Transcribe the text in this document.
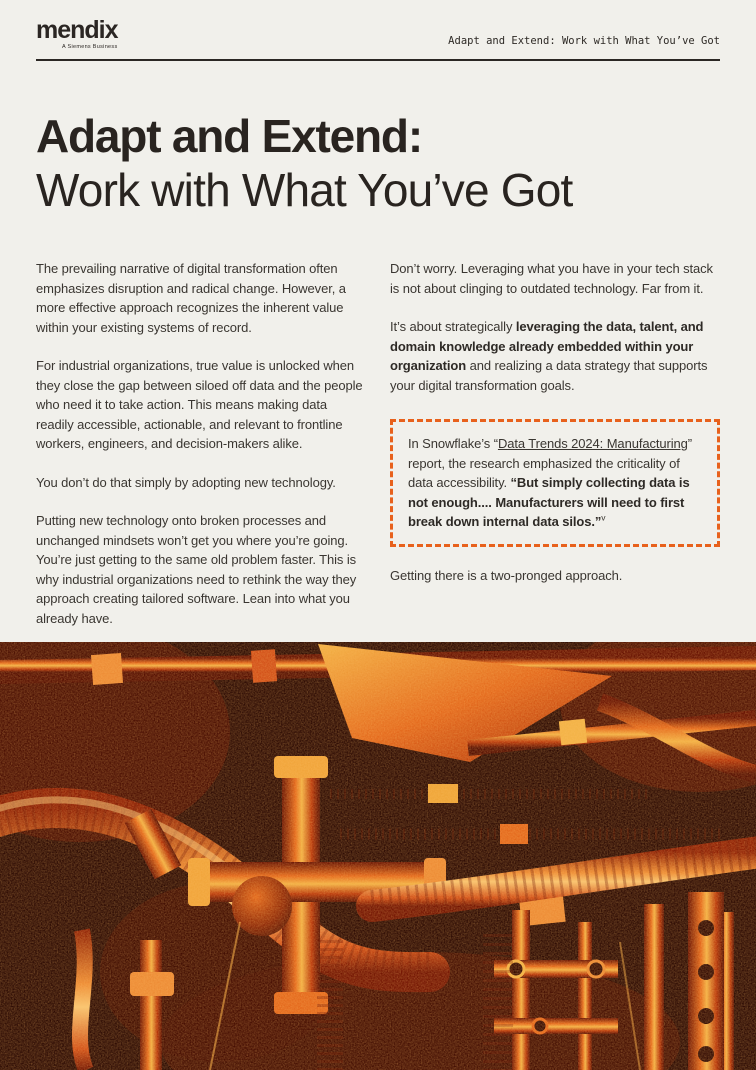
mendix
A Siemens Business	Adapt and Extend: Work with What You’ve Got
Adapt and Extend:
Work with What You’ve Got

The prevailing narrative of digital transformation often emphasizes disruption and radical change. However, a more effective approach recognizes the inherent value within your existing systems of record.

For industrial organizations, true value is unlocked when they close the gap between siloed off data and the people who need it to take action. This means making data readily accessible, actionable, and relevant to frontline workers, engineers, and decision-makers alike.

You don’t do that simply by adopting new technology.

Putting new technology onto broken processes and unchanged mindsets won’t get you where you’re going. You’re just getting to the same old problem faster. This is why industrial organizations need to rethink the way they approach creating tailored software. Lean into what you already have.

Don’t worry. Leveraging what you have in your tech stack is not about clinging to outdated technology. Far from it.

It’s about strategically leveraging the data, talent, and domain knowledge already embedded within your organization and realizing a data strategy that supports your digital transformation goals.

In Snowflake’s “Data Trends 2024: Manufacturing” report, the research emphasized the criticality of data accessibility. “But simply collecting data is not enough.... Manufacturers will need to first break down internal data silos.”$^v$

Getting there is a two-pronged approach.
